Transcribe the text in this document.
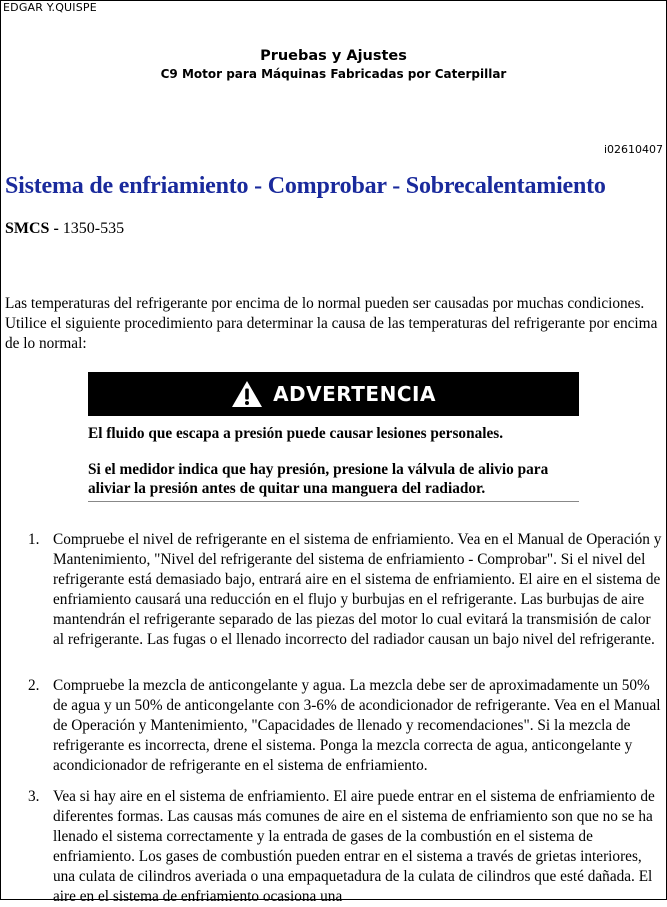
EDGAR Y.QUISPE
Pruebas y Ajustes
C9 Motor para Máquinas Fabricadas por Caterpillar
i02610407
Sistema de enfriamiento - Comprobar - Sobrecalentamiento
SMCS - 1350-535
Las temperaturas del refrigerante por encima de lo normal pueden ser causadas por muchas condiciones. Utilice el siguiente procedimiento para determinar la causa de las temperaturas del refrigerante por encima de lo normal:
ADVERTENCIA
El fluido que escapa a presión puede causar lesiones personales.
Si el medidor indica que hay presión, presione la válvula de alivio para aliviar la presión antes de quitar una manguera del radiador.
1. Compruebe el nivel de refrigerante en el sistema de enfriamiento. Vea en el Manual de Operación y Mantenimiento, "Nivel del refrigerante del sistema de enfriamiento - Comprobar". Si el nivel del refrigerante está demasiado bajo, entrará aire en el sistema de enfriamiento. El aire en el sistema de enfriamiento causará una reducción en el flujo y burbujas en el refrigerante. Las burbujas de aire mantendrán el refrigerante separado de las piezas del motor lo cual evitará la transmisión de calor al refrigerante. Las fugas o el llenado incorrecto del radiador causan un bajo nivel del refrigerante.
2. Compruebe la mezcla de anticongelante y agua. La mezcla debe ser de aproximadamente un 50% de agua y un 50% de anticongelante con 3-6% de acondicionador de refrigerante. Vea en el Manual de Operación y Mantenimiento, "Capacidades de llenado y recomendaciones". Si la mezcla de refrigerante es incorrecta, drene el sistema. Ponga la mezcla correcta de agua, anticongelante y acondicionador de refrigerante en el sistema de enfriamiento.
3. Vea si hay aire en el sistema de enfriamiento. El aire puede entrar en el sistema de enfriamiento de diferentes formas. Las causas más comunes de aire en el sistema de enfriamiento son que no se ha llenado el sistema correctamente y la entrada de gases de la combustión en el sistema de enfriamiento. Los gases de combustión pueden entrar en el sistema a través de grietas interiores, una culata de cilindros averiada o una empaquetadura de la culata de cilindros que esté dañada. El aire en el sistema de enfriamiento ocasiona una
